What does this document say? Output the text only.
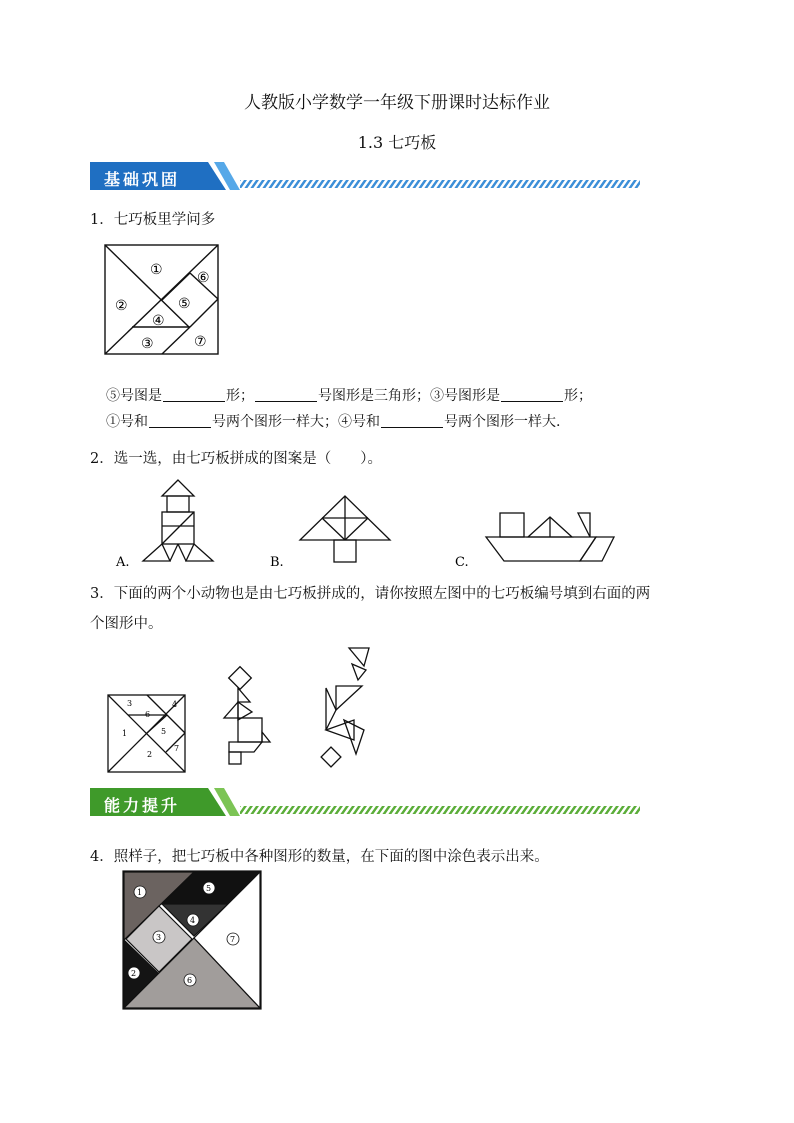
人教版小学数学一年级下册课时达标作业
1.3 七巧板
基础巩固
1．七巧板里学问多
①
②
③
④
⑤
⑥
⑦
⑤号图是	形；	号图形是三角形；③号图形是	形；
①号和	号两个图形一样大；④号和	号两个图形一样大.
2．选一选，由七巧板拼成的图案是（　　）。
A.	B.	C.
3．下面的两个小动物也是由七巧板拼成的，请你按照左图中的七巧板编号填到右面的两
个图形中。
3
6
4
1	5
2
7
能力提升
4．照样子，把七巧板中各种图形的数量，在下面的图中涂色表示出来。
1	5
4
3
2
6
7
